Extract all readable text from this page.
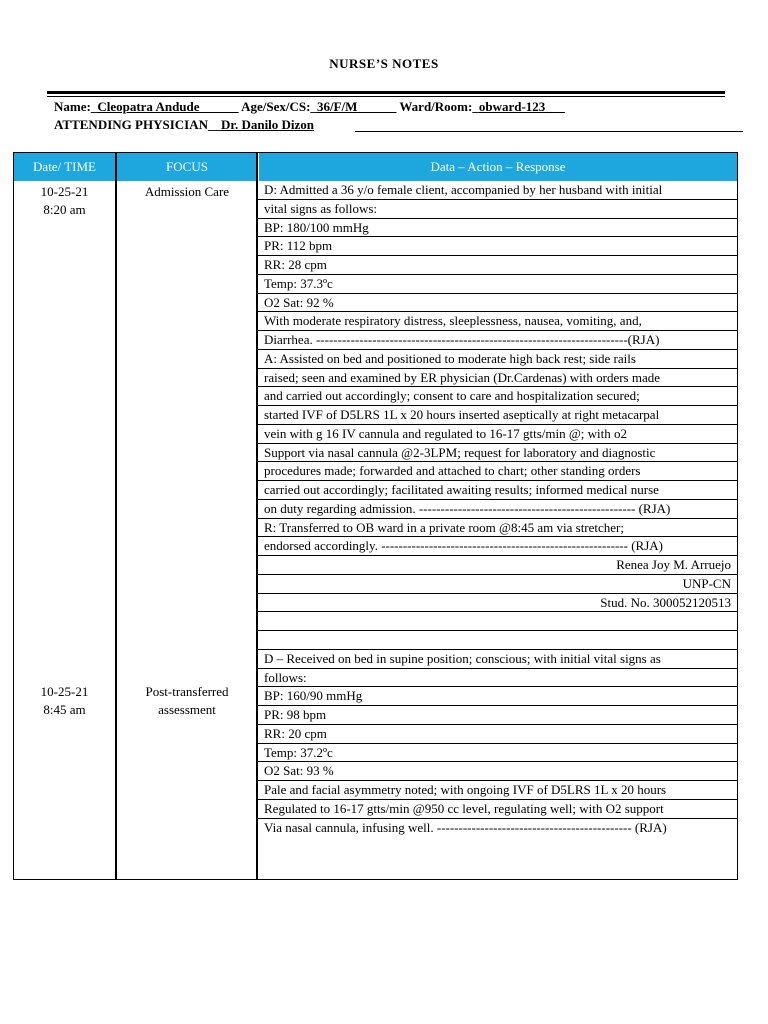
NURSE’S NOTES
Name:_Cleopatra Andude______ Age/Sex/CS:_36/F/M______ Ward/Room:_obward-123___
ATTENDING PHYSICIAN__Dr. Danilo Dizon
Date/ TIME	FOCUS	Data – Action – Response
10-25-21
8:20 am
Admission Care
10-25-21
8:45 am
Post-transferred
assessment
D: Admitted a 36 y/o female client, accompanied by her husband with initial
vital signs as follows:
BP: 180/100 mmHg
PR: 112 bpm
RR: 28 cpm
Temp: 37.3ºc
O2 Sat: 92 %
With moderate respiratory distress, sleeplessness, nausea, vomiting, and,
Diarrhea. ------------------------------------------------------------------------(RJA)
A: Assisted on bed and positioned to moderate high back rest; side rails
raised; seen and examined by ER physician (Dr.Cardenas) with orders made
and carried out accordingly; consent to care and hospitalization secured;
started IVF of D5LRS 1L x 20 hours inserted aseptically at right metacarpal
vein with g 16 IV cannula and regulated to 16-17 gtts/min @; with o2
Support via nasal cannula @2-3LPM; request for laboratory and diagnostic
procedures made; forwarded and attached to chart; other standing orders
carried out accordingly; facilitated awaiting results; informed medical nurse
on duty regarding admission. -------------------------------------------------- (RJA)
R: Transferred to OB ward in a private room @8:45 am via stretcher;
endorsed accordingly. --------------------------------------------------------- (RJA)
Renea Joy M. Arruejo
UNP-CN
Stud. No. 300052120513
D – Received on bed in supine position; conscious; with initial vital signs as
follows:
BP: 160/90 mmHg
PR: 98 bpm
RR: 20 cpm
Temp: 37.2ºc
O2 Sat: 93 %
Pale and facial asymmetry noted; with ongoing IVF of D5LRS 1L x 20 hours
Regulated to 16-17 gtts/min @950 cc level, regulating well; with O2 support
Via nasal cannula, infusing well. --------------------------------------------- (RJA)
